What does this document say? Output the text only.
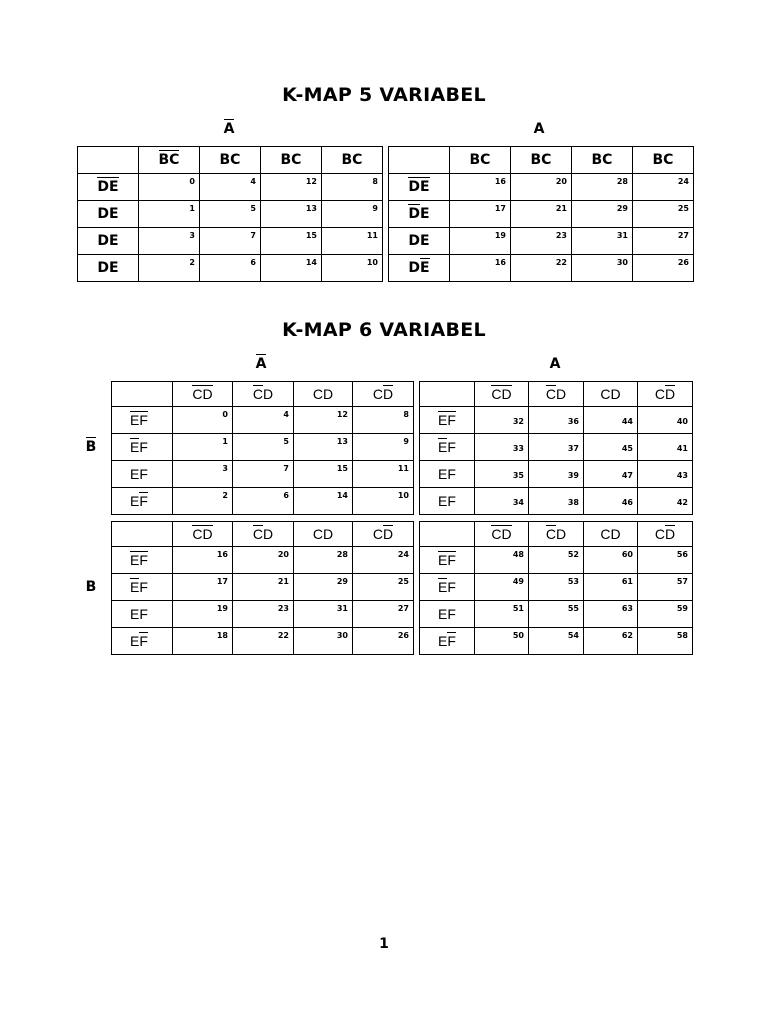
K-MAP 5 VARIABEL
A	A
	BC	BC	BC	BC
DE	0	4	12	8

DE	1	5	13	9

DE	3	7	15	11

DE	2	6	14	10
	BC	BC	BC	BC
DE	16	20	28	24

DE	17	21	29	25

DE	19	23	31	27

DE	16	22	30	26
K-MAP 6 VARIABEL
A	A
B
B
	CD	CD	CD	CD
EF	0	4	12	8

EF	1	5	13	9

EF	3	7	15	11

EF	2	6	14	10
	CD	CD	CD	CD
EF	32	36	44	40

EF	33	37	45	41

EF	35	39	47	43

EF	34	38	46	42
	CD	CD	CD	CD
EF	16	20	28	24

EF	17	21	29	25

EF	19	23	31	27

EF	18	22	30	26
	CD	CD	CD	CD
EF	48	52	60	56

EF	49	53	61	57

EF	51	55	63	59

EF	50	54	62	58
1
